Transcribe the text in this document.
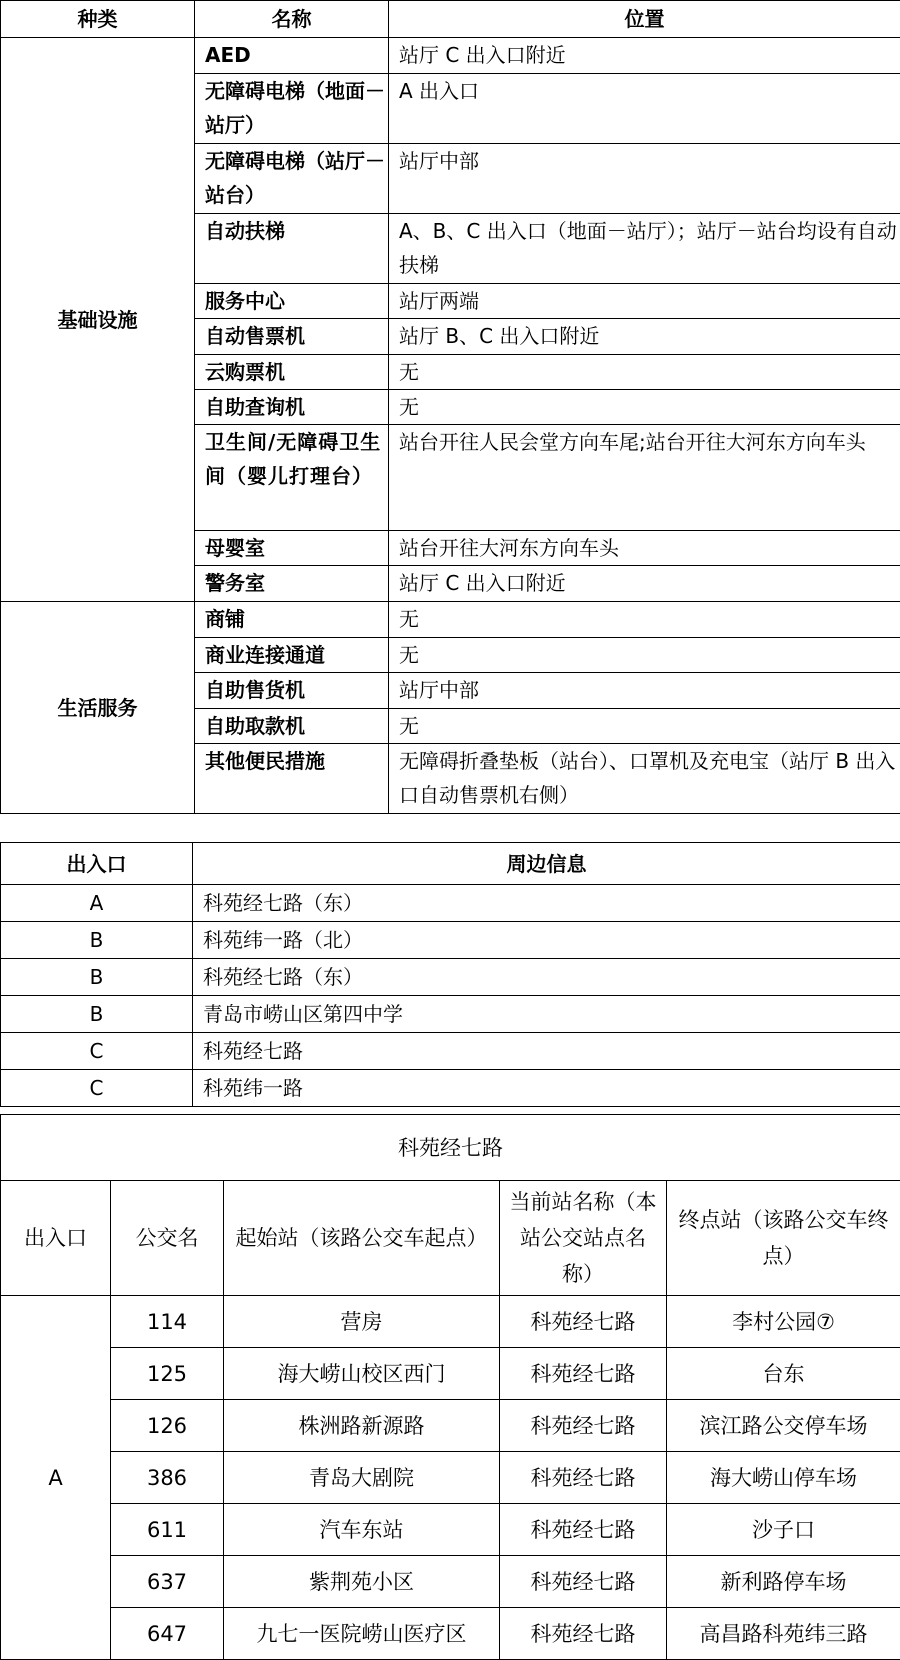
种类	名称	位置
基础设施	AED	站厅 C 出入口附近
	无障碍电梯（地面－站厅）	A 出入口
	无障碍电梯（站厅－站台）	站厅中部
	自动扶梯	A、B、C 出入口（地面－站厅）；站厅－站台均设有自动扶梯
	服务中心	站厅两端
	自动售票机	站厅 B、C 出入口附近
	云购票机	无
	自助查询机	无
	卫生间/无障碍卫生间（婴儿打理台）	站台开往人民会堂方向车尾;站台开往大河东方向车头
	母婴室	站台开往大河东方向车头
	警务室	站厅 C 出入口附近
生活服务	商铺	无
	商业连接通道	无
	自助售货机	站厅中部
	自助取款机	无
	其他便民措施	无障碍折叠垫板（站台）、口罩机及充电宝（站厅 B 出入口自动售票机右侧）
出入口	周边信息
A	科苑经七路（东）
B	科苑纬一路（北）
B	科苑经七路（东）
B	青岛市崂山区第四中学
C	科苑经七路
C	科苑纬一路
科苑经七路				
出入口	公交名	起始站（该路公交车起点）	当前站名称（本站公交站点名称）	终点站（该路公交车终点）
A	114	营房	科苑经七路	李村公园⑦
	125	海大崂山校区西门	科苑经七路	台东
	126	株洲路新源路	科苑经七路	滨江路公交停车场
	386	青岛大剧院	科苑经七路	海大崂山停车场
	611	汽车东站	科苑经七路	沙子口
	637	紫荆苑小区	科苑经七路	新利路停车场
	647	九七一医院崂山医疗区	科苑经七路	高昌路科苑纬三路
